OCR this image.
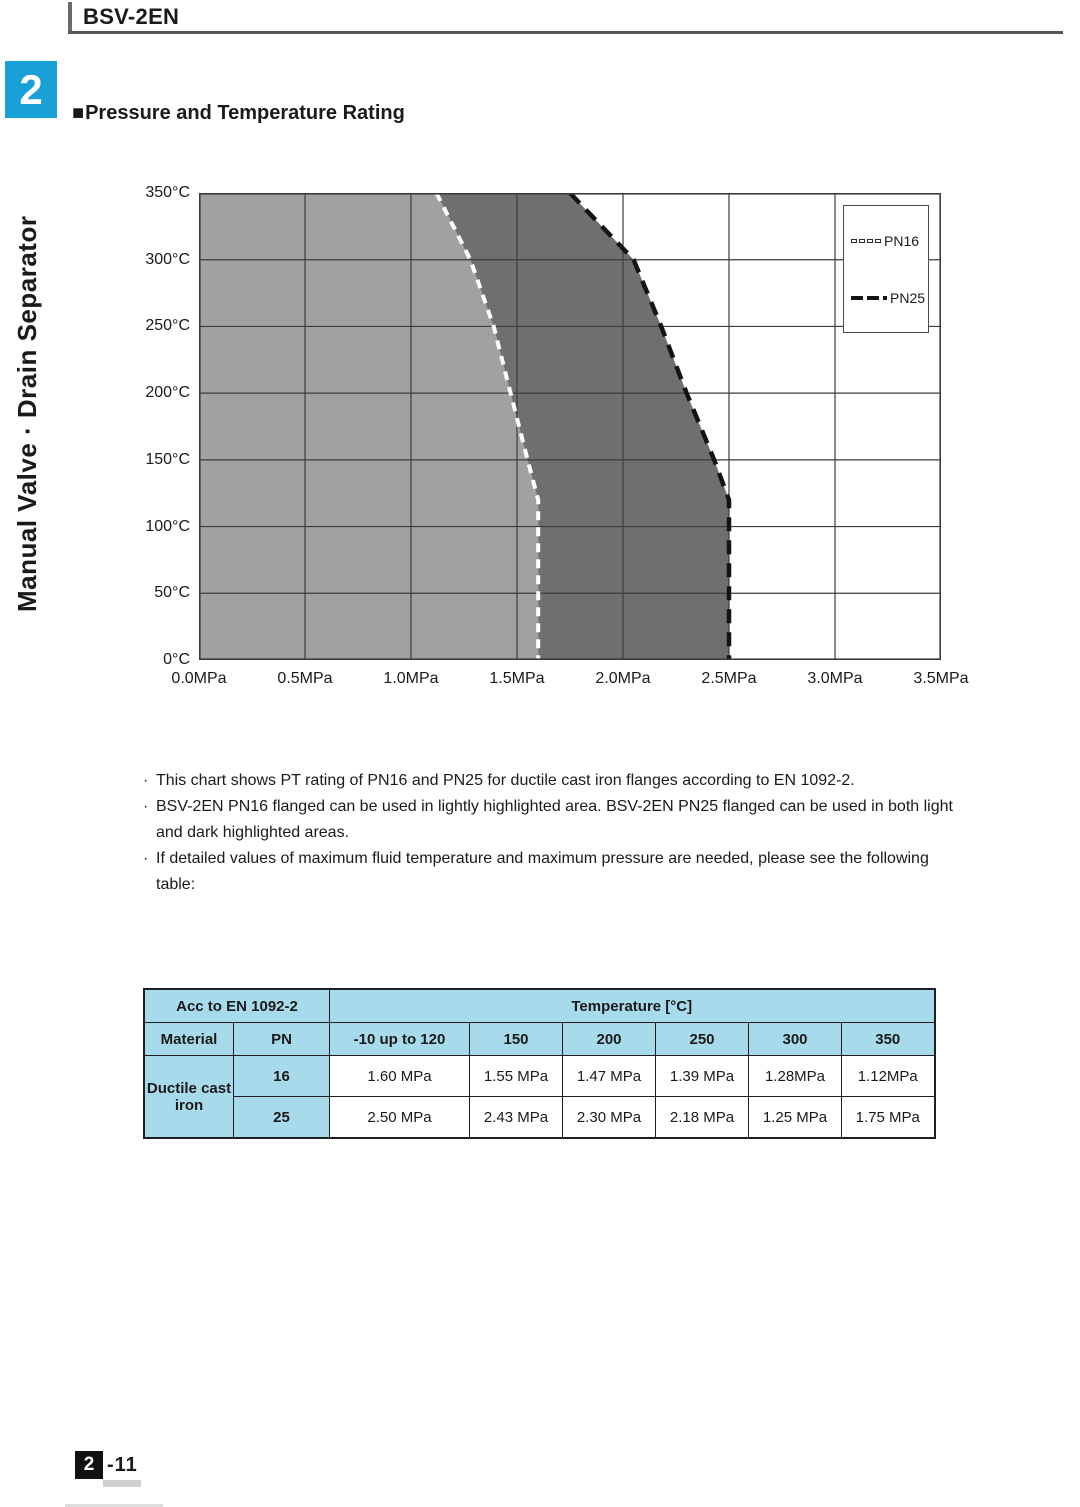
BSV-2EN
2
Manual Valve · Drain Separator
■Pressure and Temperature Rating
350°C
300°C
250°C
200°C
150°C
100°C
50°C
0°C
0.0MPa	0.5MPa	1.0MPa	1.5MPa	2.0MPa	2.5MPa	3.0MPa	3.5MPa
PN16
PN25
· This chart shows PT rating of PN16 and PN25 for ductile cast iron flanges according to EN 1092-2.
· BSV-2EN PN16 flanged can be used in lightly highlighted area. BSV-2EN PN25 flanged can be used in both light and dark highlighted areas.
· If detailed values of maximum fluid temperature and maximum pressure are needed, please see the following table:
Acc to EN 1092-2		Temperature [°C]					
Material	PN	-10 up to 120	150	200	250	300	350
Ductile cast iron	16	1.60 MPa	1.55 MPa	1.47 MPa	1.39 MPa	1.28MPa	1.12MPa
	25	2.50 MPa	2.43 MPa	2.30 MPa	2.18 MPa	1.25 MPa	1.75 MPa
2 -11
